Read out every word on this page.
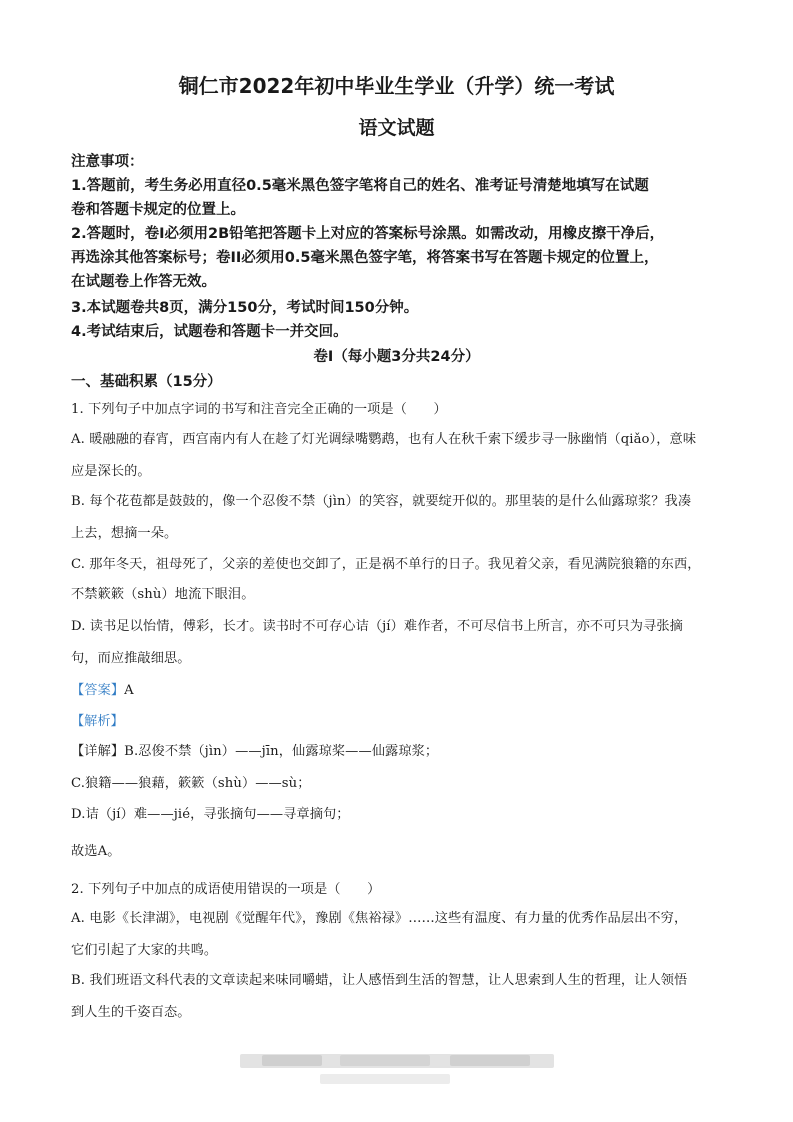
铜仁市2022年初中毕业生学业（升学）统一考试
语文试题
注意事项：
1.答题前，考生务必用直径0.5毫米黑色签字笔将自己的姓名、准考证号清楚地填写在试题
卷和答题卡规定的位置上。
2.答题时，卷I必须用2B铅笔把答题卡上对应的答案标号涂黑。如需改动，用橡皮擦干净后，
再选涂其他答案标号；卷II必须用0.5毫米黑色签字笔，将答案书写在答题卡规定的位置上，
在试题卷上作答无效。
3.本试题卷共8页，满分150分，考试时间150分钟。
4.考试结束后，试题卷和答题卡一并交回。
卷I（每小题3分共24分）
一、基础积累（15分）
1. 下列句子中加点字词的书写和注音完全正确的一项是（　　）
A. 暖融融的春宵，西宫南内有人在趁了灯光调绿嘴鹦鹉，也有人在秋千索下缓步寻一脉幽悄（qiǎo），意味
应是深长的。
B. 每个花苞都是鼓鼓的，像一个忍俊不禁（jìn）的笑容，就要绽开似的。那里装的是什么仙露琼浆？我凑
上去，想摘一朵。
C. 那年冬天，祖母死了，父亲的差使也交卸了，正是祸不单行的日子。我见着父亲，看见满院狼籍的东西，
不禁簌簌（shù）地流下眼泪。
D. 读书足以怡情，傅彩，长才。读书时不可存心诘（jí）难作者，不可尽信书上所言，亦不可只为寻张摘
句，而应推敲细思。
【答案】A
【解析】
【详解】B.忍俊不禁（jìn）——jīn，仙露琼桨——仙露琼浆；
C.狼籍——狼藉，簌簌（shù）——sù；
D.诘（jí）难——jié，寻张摘句——寻章摘句；
故选A。
2. 下列句子中加点的成语使用错误的一项是（　　）
A. 电影《长津湖》，电视剧《觉醒年代》，豫剧《焦裕禄》……这些有温度、有力量的优秀作品层出不穷，
它们引起了大家的共鸣。
B. 我们班语文科代表的文章读起来味同嚼蜡，让人感悟到生活的智慧，让人思索到人生的哲理，让人领悟
到人生的千姿百态。
